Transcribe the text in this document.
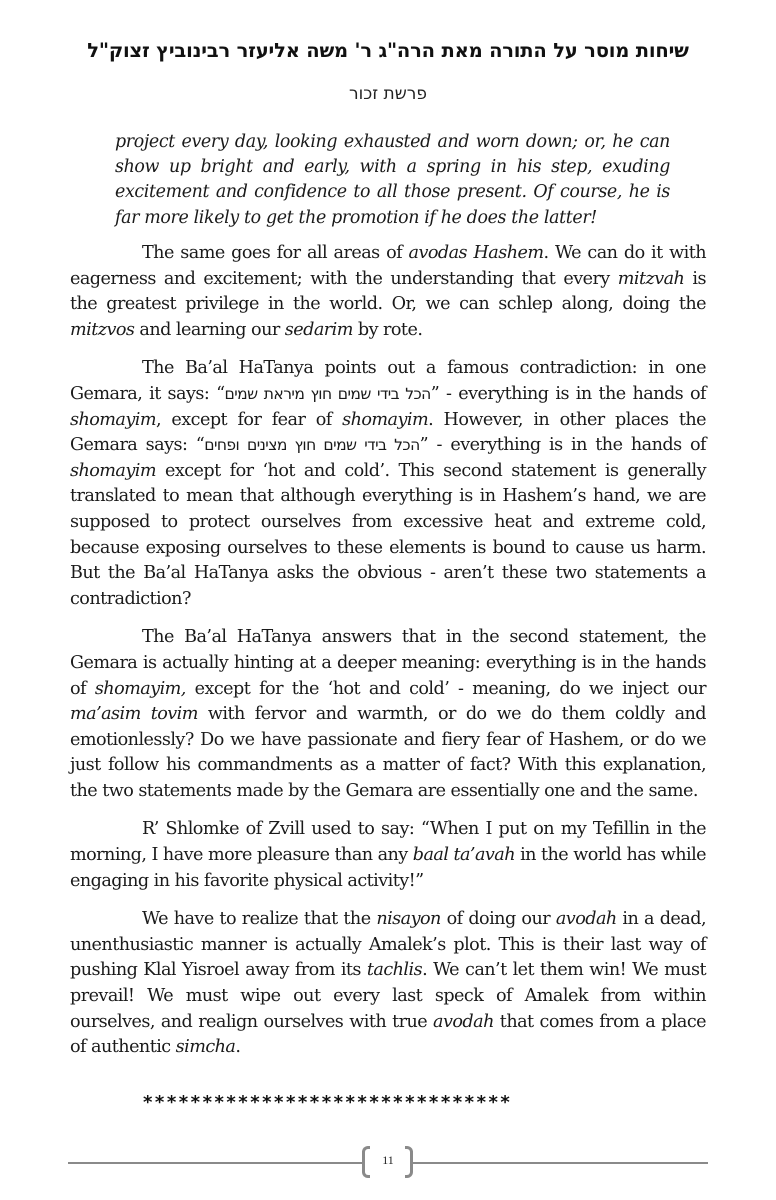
שיחות מוסר על התורה מאת הרה"ג ר' משה אליעזר רבינוביץ זצוק"ל
פרשת זכור
project every day, looking exhausted and worn down; or, he can show up bright and early, with a spring in his step, exuding excitement and confidence to all those present. Of course, he is far more likely to get the promotion if he does the latter!

The same goes for all areas of avodas Hashem. We can do it with eagerness and excitement; with the understanding that every mitzvah is the greatest privilege in the world. Or, we can schlep along, doing the mitzvos and learning our sedarim by rote.

The Ba’al HaTanya points out a famous contradiction: in one Gemara, it says: “הכל בידי שמים חוץ מיראת שמים” - everything is in the hands of shomayim, except for fear of shomayim. However, in other places the Gemara says: “הכל בידי שמים חוץ מצינים ופחים” - everything is in the hands of shomayim except for ‘hot and cold’. This second statement is generally translated to mean that although everything is in Hashem’s hand, we are supposed to protect ourselves from excessive heat and extreme cold, because exposing ourselves to these elements is bound to cause us harm. But the Ba’al HaTanya asks the obvious - aren’t these two statements a contradiction?

The Ba’al HaTanya answers that in the second statement, the Gemara is actually hinting at a deeper meaning: everything is in the hands of shomayim, except for the ‘hot and cold’ - meaning, do we inject our ma’asim tovim with fervor and warmth, or do we do them coldly and emotionlessly? Do we have passionate and fiery fear of Hashem, or do we just follow his commandments as a matter of fact? With this explanation, the two statements made by the Gemara are essentially one and the same.

R’ Shlomke of Zvill used to say: “When I put on my Tefillin in the morning, I have more pleasure than any baal ta’avah in the world has while engaging in his favorite physical activity!”

We have to realize that the nisayon of doing our avodah in a dead, unenthusiastic manner is actually Amalek’s plot. This is their last way of pushing Klal Yisroel away from its tachlis. We can’t let them win! We must prevail! We must wipe out every last speck of Amalek from within ourselves, and realign ourselves with true avodah that comes from a place of authentic simcha.

*******************************
11
